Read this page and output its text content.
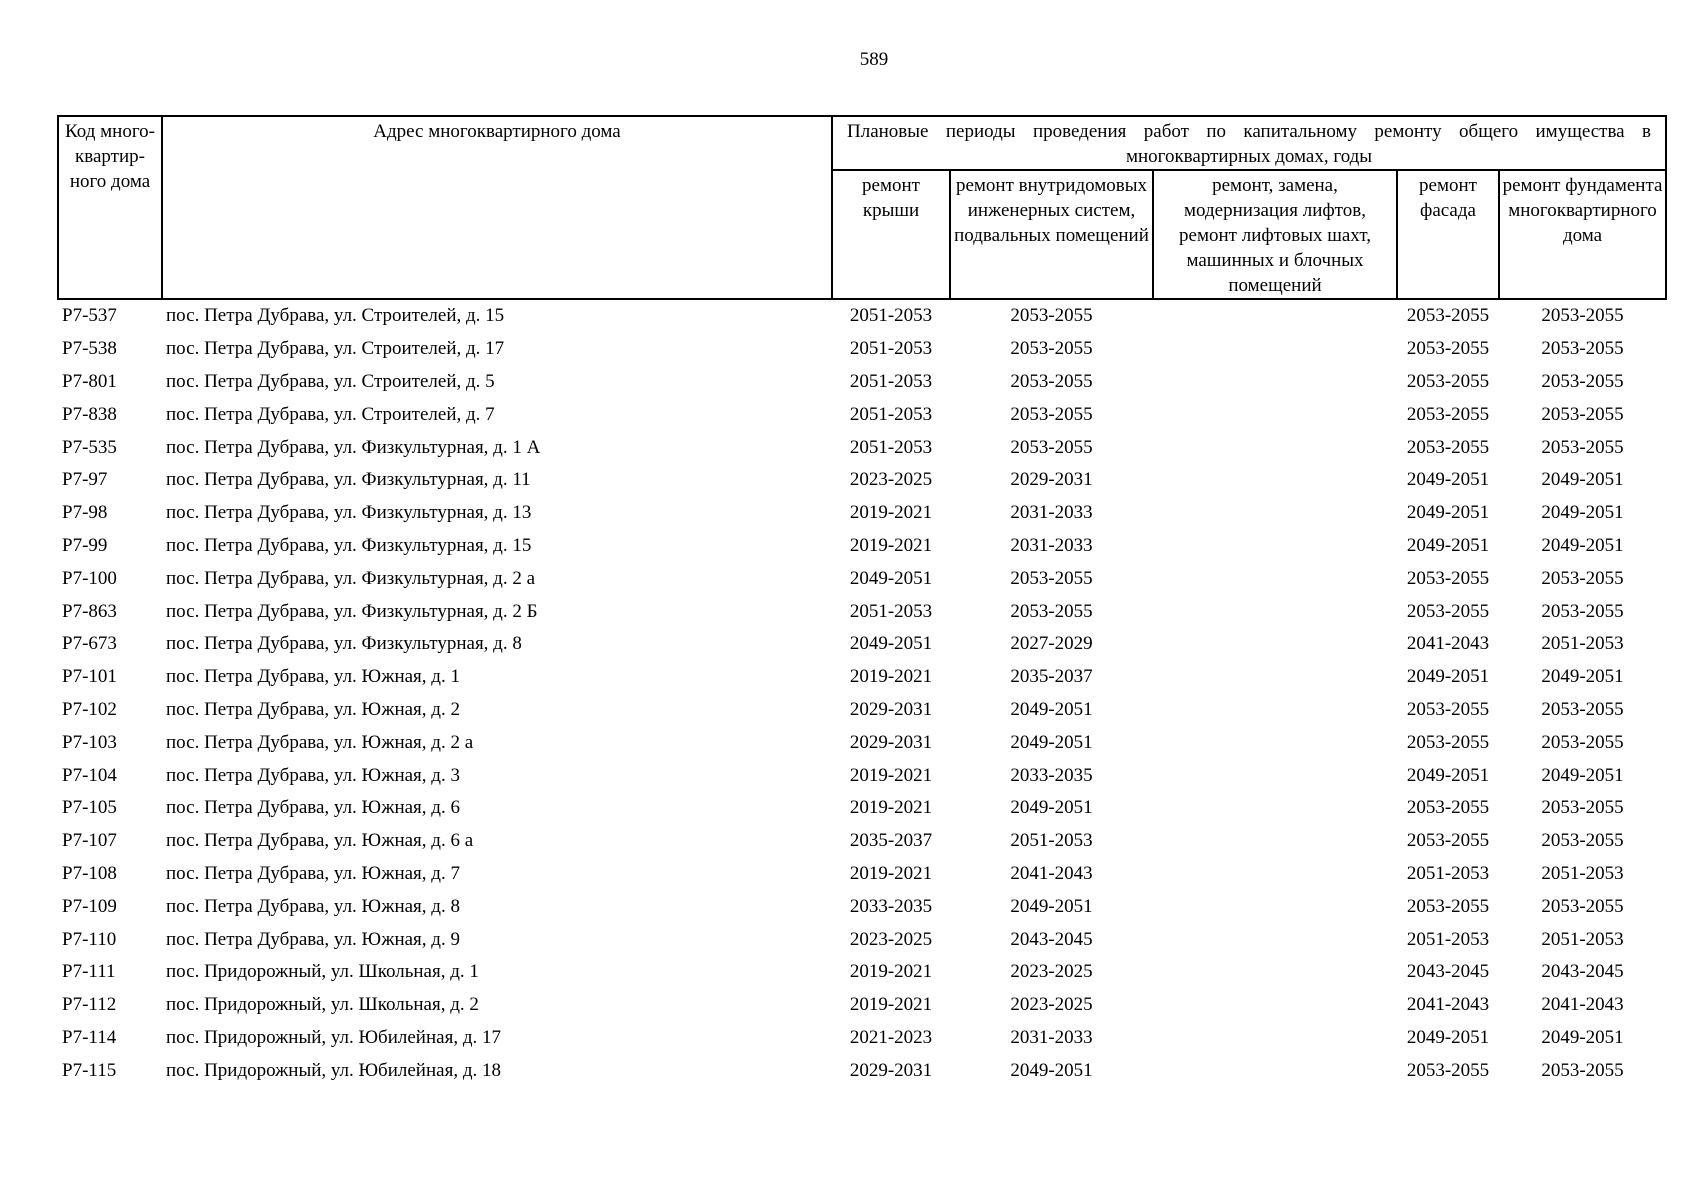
589
Код много-квартир-ного дома	Адрес многоквартирного дома	Плановые периоды проведения работ по капитальному ремонту общего имущества в многоквартирных домах, годы				

		ремонт крыши	ремонт внутридомовых инженерных систем, подвальных помещений	ремонт, замена, модернизация лифтов, ремонт лифтовых шахт, машинных и блочных помещений	ремонт фасада	ремонт фундамента многоквартирного дома
Р7-537	пос. Петра Дубрава, ул. Строителей, д. 15	2051-2053	2053-2055		2053-2055	2053-2055
Р7-538	пос. Петра Дубрава, ул. Строителей, д. 17	2051-2053	2053-2055		2053-2055	2053-2055
Р7-801	пос. Петра Дубрава, ул. Строителей, д. 5	2051-2053	2053-2055		2053-2055	2053-2055
Р7-838	пос. Петра Дубрава, ул. Строителей, д. 7	2051-2053	2053-2055		2053-2055	2053-2055
Р7-535	пос. Петра Дубрава, ул. Физкультурная, д. 1 А	2051-2053	2053-2055		2053-2055	2053-2055
Р7-97	пос. Петра Дубрава, ул. Физкультурная, д. 11	2023-2025	2029-2031		2049-2051	2049-2051
Р7-98	пос. Петра Дубрава, ул. Физкультурная, д. 13	2019-2021	2031-2033		2049-2051	2049-2051
Р7-99	пос. Петра Дубрава, ул. Физкультурная, д. 15	2019-2021	2031-2033		2049-2051	2049-2051
Р7-100	пос. Петра Дубрава, ул. Физкультурная, д. 2 а	2049-2051	2053-2055		2053-2055	2053-2055
Р7-863	пос. Петра Дубрава, ул. Физкультурная, д. 2 Б	2051-2053	2053-2055		2053-2055	2053-2055
Р7-673	пос. Петра Дубрава, ул. Физкультурная, д. 8	2049-2051	2027-2029		2041-2043	2051-2053
Р7-101	пос. Петра Дубрава, ул. Южная, д. 1	2019-2021	2035-2037		2049-2051	2049-2051
Р7-102	пос. Петра Дубрава, ул. Южная, д. 2	2029-2031	2049-2051		2053-2055	2053-2055
Р7-103	пос. Петра Дубрава, ул. Южная, д. 2 а	2029-2031	2049-2051		2053-2055	2053-2055
Р7-104	пос. Петра Дубрава, ул. Южная, д. 3	2019-2021	2033-2035		2049-2051	2049-2051
Р7-105	пос. Петра Дубрава, ул. Южная, д. 6	2019-2021	2049-2051		2053-2055	2053-2055
Р7-107	пос. Петра Дубрава, ул. Южная, д. 6 а	2035-2037	2051-2053		2053-2055	2053-2055
Р7-108	пос. Петра Дубрава, ул. Южная, д. 7	2019-2021	2041-2043		2051-2053	2051-2053
Р7-109	пос. Петра Дубрава, ул. Южная, д. 8	2033-2035	2049-2051		2053-2055	2053-2055
Р7-110	пос. Петра Дубрава, ул. Южная, д. 9	2023-2025	2043-2045		2051-2053	2051-2053
Р7-111	пос. Придорожный, ул. Школьная, д. 1	2019-2021	2023-2025		2043-2045	2043-2045
Р7-112	пос. Придорожный, ул. Школьная, д. 2	2019-2021	2023-2025		2041-2043	2041-2043
Р7-114	пос. Придорожный, ул. Юбилейная, д. 17	2021-2023	2031-2033		2049-2051	2049-2051
Р7-115	пос. Придорожный, ул. Юбилейная, д. 18	2029-2031	2049-2051		2053-2055	2053-2055
